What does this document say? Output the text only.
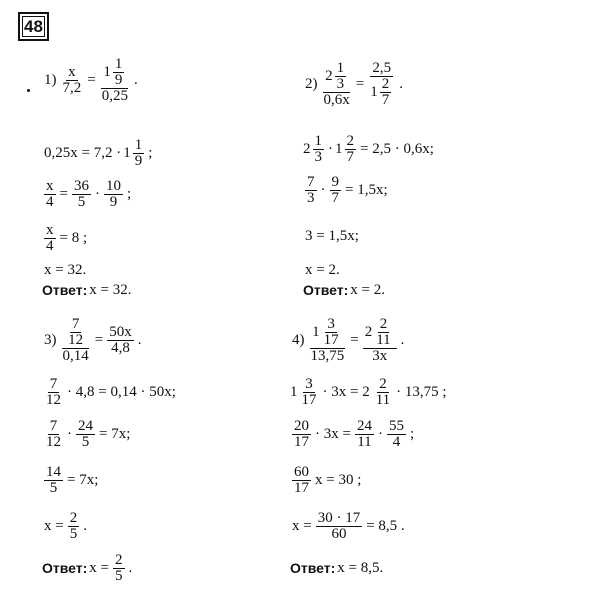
48
$1) \frac{x}{7,2} = \frac{1 \frac{1}{9}}{0,25}$ .
$0,25x = 7,2 \cdot 1 \frac{1}{9}$ ;
$\frac{x}{4} = \frac{36}{5} \cdot \frac{10}{9}$ ;
$\frac{x}{4} = 8$ ;
x = 32.
Ответ: x = 32.
$2) \frac{2 \frac{1}{3}}{0,6x} = \frac{2,5}{1 \frac{2}{7}}$ .
$2 \frac{1}{3} \cdot 1 \frac{2}{7} = 2,5 \cdot 0,6x$;
$\frac{7}{3} \cdot \frac{9}{7} = 1,5x$;
3 = 1,5x;
x = 2.
Ответ: x = 2.
$3) \frac{\frac{7}{12}}{0,14} = \frac{50x}{4,8}$ .
$\frac{7}{12} \cdot 4,8 = 0,14 \cdot 50x$;
$\frac{7}{12} \cdot \frac{24}{5} = 7x$;
$\frac{14}{5} = 7x$;
$x = \frac{2}{5}$ .
Ответ: $x = \frac{2}{5}$ .
$4) \frac{1 \frac{3}{17}}{13,75} = \frac{2 \frac{2}{11}}{3x}$ .
$1 \frac{3}{17} \cdot 3x = 2 \frac{2}{11} \cdot 13,75$ ;
$\frac{20}{17} \cdot 3x = \frac{24}{11} \cdot \frac{55}{4}$ ;
$\frac{60}{17}$ x = 30 ;
$x = \frac{30 \cdot 17}{60} = 8,5$ .
Ответ: x = 8,5.
